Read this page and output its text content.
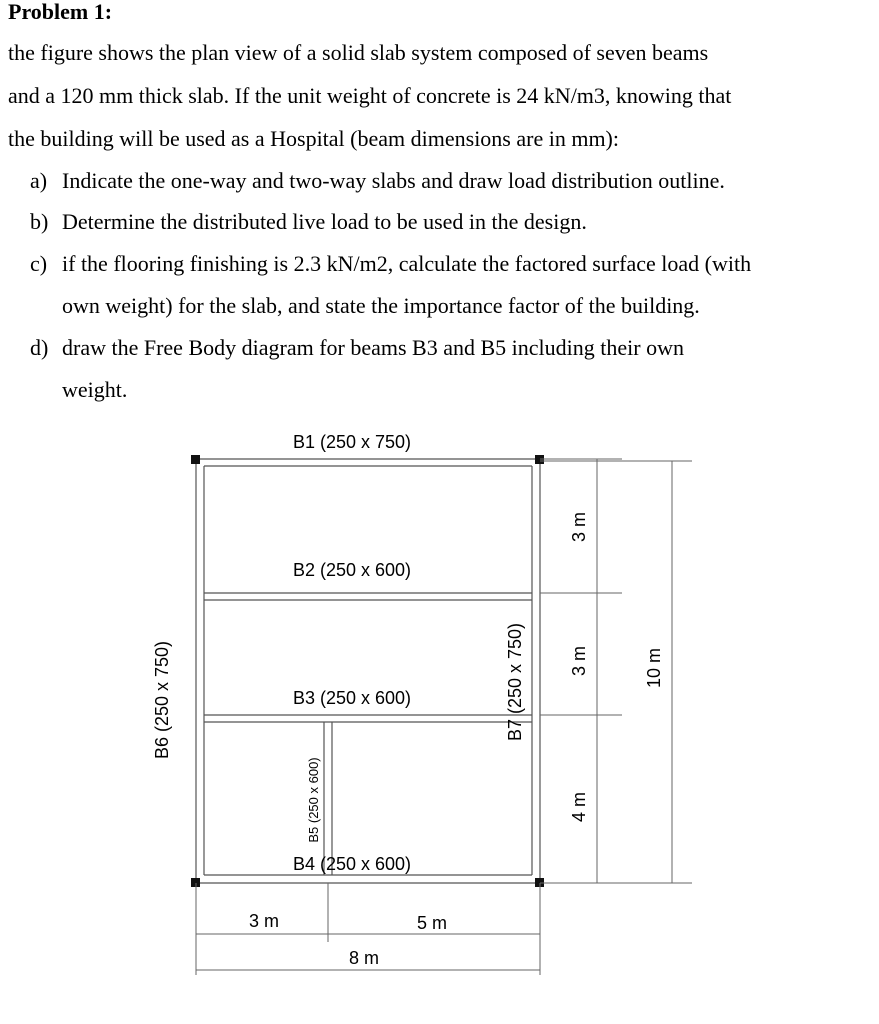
Problem 1:
the figure shows the plan view of a solid slab system composed of seven beams
and a 120 mm thick slab. If the unit weight of concrete is 24 kN/m3, knowing that
the building will be used as a Hospital (beam dimensions are in mm):
a) Indicate the one-way and two-way slabs and draw load distribution outline.
b) Determine the distributed live load to be used in the design.
c) if the flooring finishing is 2.3 kN/m2, calculate the factored surface load (with
own weight) for the slab, and state the importance factor of the building.
d) draw the Free Body diagram for beams B3 and B5 including their own
weight.
B1 (250 x 750)
B2 (250 x 600)
B3 (250 x 600)
B4 (250 x 600)
B6 (250 x 750)	B7 (250 x 750)
B5 (250 x 600)
3 m
3 m
4 m
10 m
3 m	5 m
8 m
